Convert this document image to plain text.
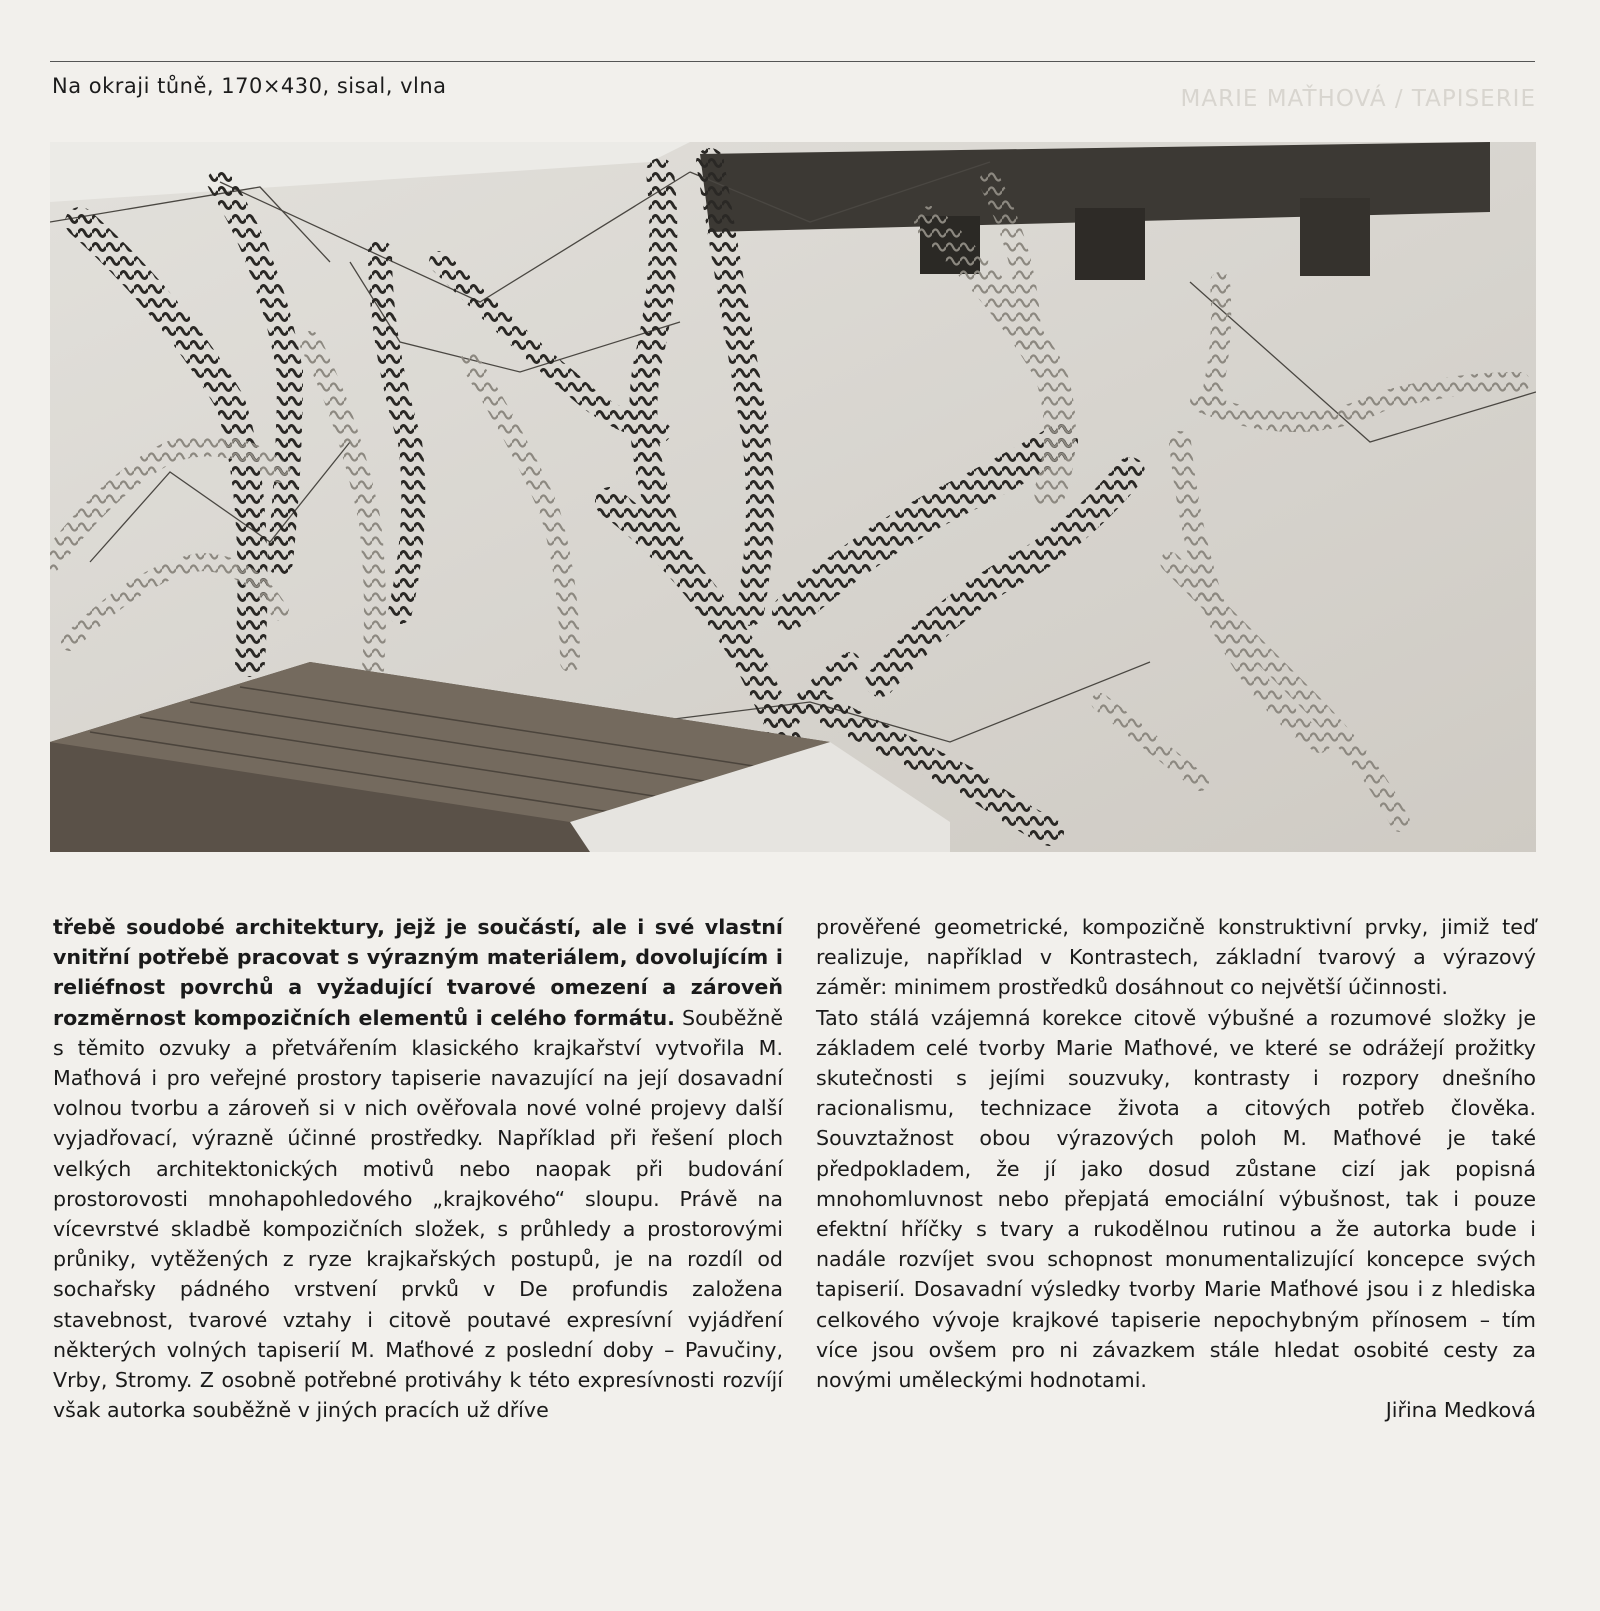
MARIE MAŤHOVÁ / TAPISERIE
Na okraji tůně, 170×430, sisal, vlna

třebě soudobé architektury, jejž je součástí, ale i své vlastní vnitřní potřebě pracovat s výrazným materiálem, dovolujícím i reliéfnost povrchů a vyžadující tvarové omezení a zároveň rozměrnost kompozičních elementů i celého formátu. Souběžně s těmito ozvuky a přetvářením klasického krajkařství vytvořila M. Maťhová i pro veřejné prostory tapiserie navazující na její dosavadní volnou tvorbu a zároveň si v nich ověřovala nové volné projevy další vyjadřovací, výrazně účinné prostředky. Například při řešení ploch velkých architektonických motivů nebo naopak při budování prostorovosti mnohapohledového „krajkového“ sloupu. Právě na vícevrstvé skladbě kompozičních složek, s průhledy a prostorovými průniky, vytěžených z ryze krajkařských postupů, je na rozdíl od sochařsky pádného vrstvení prvků v De profundis založena stavebnost, tvarové vztahy i citově poutavé expresívní vyjádření některých volných tapiserií M. Maťhové z poslední doby – Pavučiny, Vrby, Stromy. Z osobně potřebné protiváhy k této expresívnosti rozvíjí však autorka souběžně v jiných pracích už dříve

prověřené geometrické, kompozičně konstruktivní prvky, jimiž teď realizuje, například v Kontrastech, základní tvarový a výrazový záměr: minimem prostředků dosáhnout co největší účinnosti.

Tato stálá vzájemná korekce citově výbušné a rozumové složky je základem celé tvorby Marie Maťhové, ve které se odrážejí prožitky skutečnosti s jejími souzvuky, kontrasty i rozpory dnešního racionalismu, technizace života a citových potřeb člověka. Souvztažnost obou výrazových poloh M. Maťhové je také předpokladem, že jí jako dosud zůstane cizí jak popisná mnohomluvnost nebo přepjatá emociální výbušnost, tak i pouze efektní hříčky s tvary a rukodělnou rutinou a že autorka bude i nadále rozvíjet svou schopnost monumentalizující koncepce svých tapiserií. Dosavadní výsledky tvorby Marie Maťhové jsou i z hlediska celkového vývoje krajkové tapiserie nepochybným přínosem – tím více jsou ovšem pro ni závazkem stále hledat osobité cesty za novými uměleckými hodnotami.

Jiřina Medková
